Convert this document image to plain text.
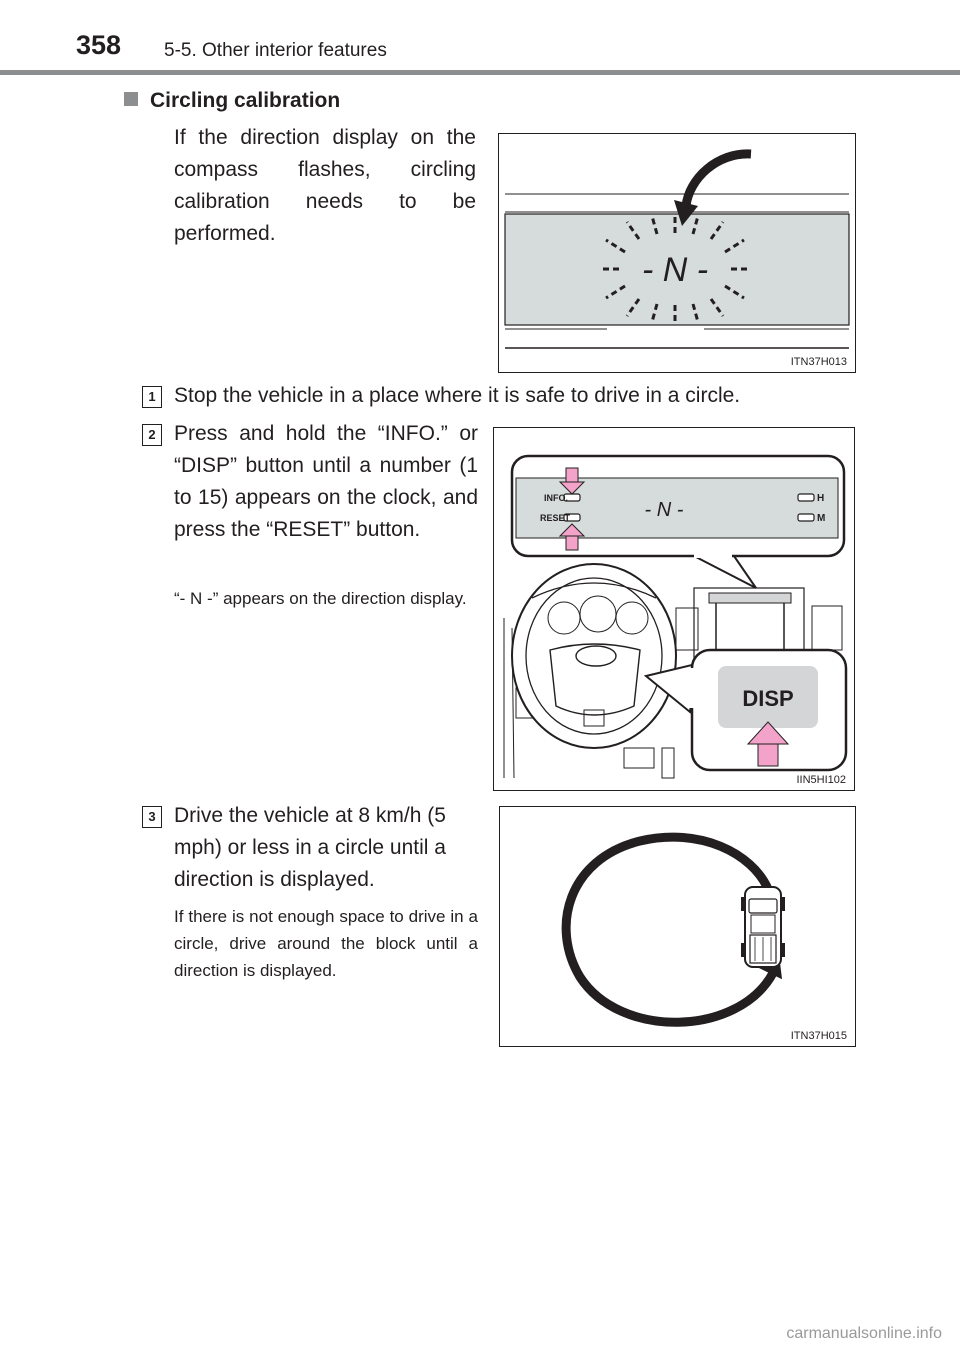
358 5-5. Other interior features
Circling calibration
If the direction display on the compass flashes, circling calibration needs to be performed.
- N -
ITN37H013
1 Stop the vehicle in a place where it is safe to drive in a circle.
2 Press and hold the “INFO.” or “DISP” button until a number (1 to 15) appears on the clock, and press the “RESET” button.
“- N -” appears on the direction display.
INFO.
RESET	- N -
H
M
DISP
IIN5HI102
3 Drive the vehicle at 8 km/h (5 mph) or less in a circle until a direction is displayed.
If there is not enough space to drive in a circle, drive around the block until a direction is displayed.
ITN37H015
carmanualsonline.info
